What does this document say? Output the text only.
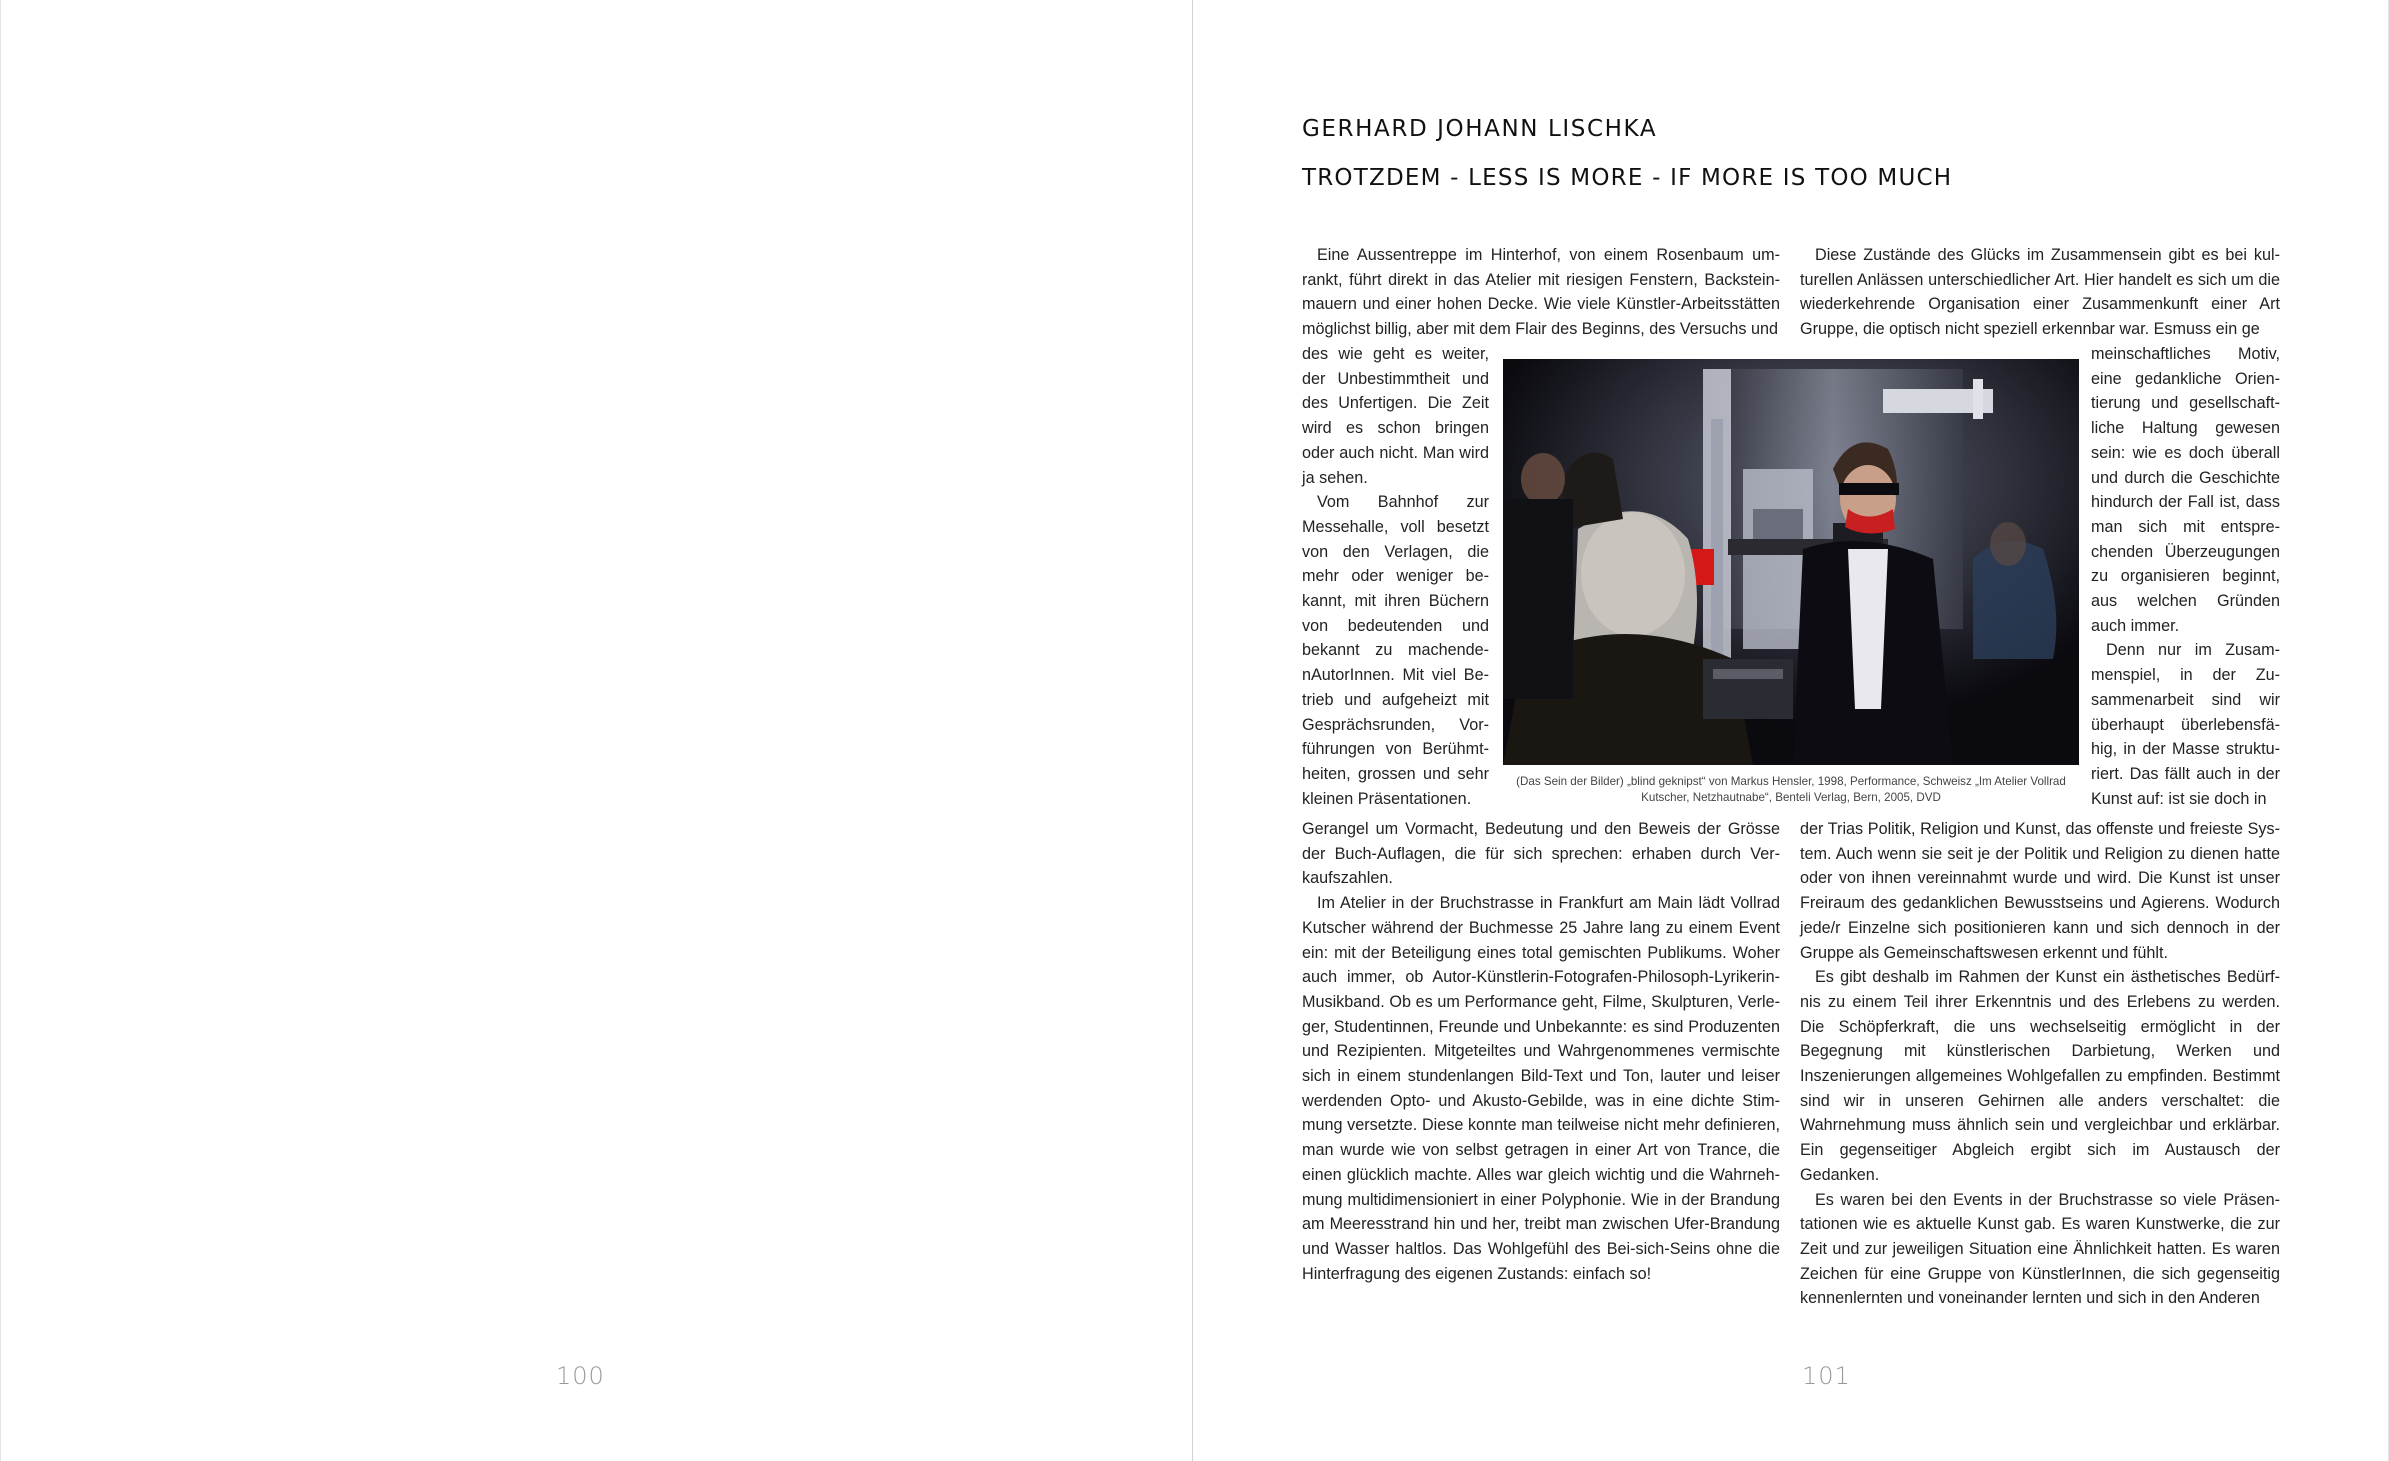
100
GERHARD JOHANN LISCHKA
TROTZDEM - LESS IS MORE - IF MORE IS TOO MUCH

Eine Aussentreppe im Hinterhof, von einem Rosenbaum umrankt, führt direkt in das Atelier mit riesigen Fenstern, Backsteinmauern und einer hohen Decke. Wie viele Künstler-Arbeitsstätten möglichst billig, aber mit dem Flair des Beginns, des Versuchs und

des wie geht es weiter, der Unbestimmtheit und des Unfertigen. Die Zeit wird es schon bringen oder auch nicht. Man wird ja sehen.

Vom Bahnhof zur Messehalle, voll besetzt von den Verlagen, die mehr oder weniger bekannt, mit ihren Büchern von bedeutenden und bekannt zu machendenAutorInnen. Mit viel Betrieb und aufgeheizt mit Gesprächsrunden, Vorführungen von Berühmtheiten, grossen und sehr kleinen Präsentationen.

Gerangel um Vormacht, Bedeutung und den Beweis der Grösse der Buch-Auflagen, die für sich sprechen: erhaben durch Verkaufszahlen.

Im Atelier in der Bruchstrasse in Frankfurt am Main lädt Vollrad Kutscher während der Buchmesse 25 Jahre lang zu einem Event ein: mit der Beteiligung eines total gemischten Publikums. Woher auch immer, ob Autor-Künstlerin-Fotografen-Philosoph-Lyrikerin-Musikband. Ob es um Performance geht, Filme, Skulpturen, Verleger, Studentinnen, Freunde und Unbekannte: es sind Produzenten und Rezipienten. Mitgeteiltes und Wahrgenommenes vermischte sich in einem stundenlangen Bild-Text und Ton, lauter und leiser werdenden Opto- und Akusto-Gebilde, was in eine dichte Stimmung versetzte. Diese konnte man teilweise nicht mehr definieren, man wurde wie von selbst getragen in einer Art von Trance, die einen glücklich machte. Alles war gleich wichtig und die Wahrnehmung multidimensioniert in einer Polyphonie. Wie in der Brandung am Meeresstrand hin und her, treibt man zwischen Ufer-Brandung und Wasser haltlos. Das Wohlgefühl des Bei-sich-Seins ohne die Hinterfragung des eigenen Zustands: einfach so!

Diese Zustände des Glücks im Zusammensein gibt es bei kulturellen Anlässen unterschiedlicher Art. Hier handelt es sich um die wiederkehrende Organisation einer Zusammenkunft einer Art Gruppe, die optisch nicht speziell erkennbar war. Esmuss ein ge

meinschaftliches Motiv, eine gedankliche Orientierung und gesellschaftliche Haltung gewesen sein: wie es doch überall und durch die Geschichte hindurch der Fall ist, dass man sich mit entsprechenden Überzeugungen zu organisieren beginnt, aus welchen Gründen auch immer.

Denn nur im Zusammenspiel, in der Zusammenarbeit sind wir überhaupt überlebensfähig, in der Masse strukturiert. Das fällt auch in der Kunst auf: ist sie doch in

der Trias Politik, Religion und Kunst, das offenste und freieste System. Auch wenn sie seit je der Politik und Religion zu dienen hatte oder von ihnen vereinnahmt wurde und wird. Die Kunst ist unser Freiraum des gedanklichen Bewusstseins und Agierens. Wodurch jede/r Einzelne sich positionieren kann und sich dennoch in der Gruppe als Gemeinschaftswesen erkennt und fühlt.

Es gibt deshalb im Rahmen der Kunst ein ästhetisches Bedürfnis zu einem Teil ihrer Erkenntnis und des Erlebens zu werden. Die Schöpferkraft, die uns wechselseitig ermöglicht in der Begegnung mit künstlerischen Darbietung, Werken und Inszenierungen allgemeines Wohlgefallen zu empfinden. Bestimmt sind wir in unseren Gehirnen alle anders verschaltet: die Wahrnehmung muss ähnlich sein und vergleichbar und erklärbar. Ein gegenseitiger Abgleich ergibt sich im Austausch der Gedanken.

Es waren bei den Events in der Bruchstrasse so viele Präsentationen wie es aktuelle Kunst gab. Es waren Kunstwerke, die zur Zeit und zur jeweiligen Situation eine Ähnlichkeit hatten. Es waren Zeichen für eine Gruppe von KünstlerInnen, die sich gegenseitig kennenlernten und voneinander lernten und sich in den Anderen

(Das Sein der Bilder) „blind geknipst“ von Markus Hensler, 1998, Performance, Schweisz „Im Atelier Vollrad
Kutscher, Netzhautnabe“, Benteli Verlag, Bern, 2005, DVD
101
